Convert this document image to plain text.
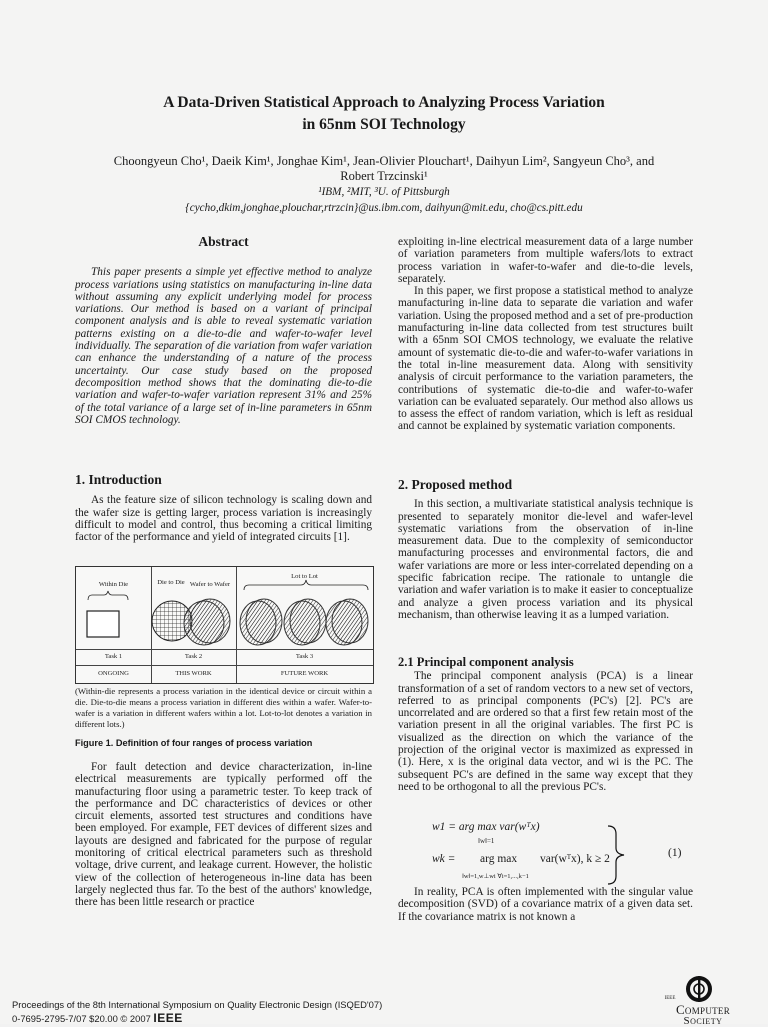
A Data-Driven Statistical Approach to Analyzing Process Variation
in 65nm SOI Technology
Choongyeun Cho¹, Daeik Kim¹, Jonghae Kim¹, Jean-Olivier Plouchart¹, Daihyun Lim², Sangyeun Cho³, and
Robert Trzcinski¹
¹IBM, ²MIT, ³U. of Pittsburgh
{cycho,dkim,jonghae,plouchar,rtrzcin}@us.ibm.com, daihyun@mit.edu, cho@cs.pitt.edu
Abstract

This paper presents a simple yet effective method to analyze process variations using statistics on manufacturing in-line data without assuming any explicit underlying model for process variations. Our method is based on a variant of principal component analysis and is able to reveal systematic variation patterns existing on a die-to-die and wafer-to-wafer level individually. The separation of die variation from wafer variation can enhance the understanding of a nature of the process uncertainty. Our case study based on the proposed decomposition method shows that the dominating die-to-die variation and wafer-to-wafer variation represent 31% and 25% of the total variance of a large set of in-line parameters in 65nm SOI CMOS technology.

1. Introduction

As the feature size of silicon technology is scaling down and the wafer size is getting larger, process variation is increasingly difficult to model and control, thus becoming a critical limiting factor of the performance and yield of integrated circuits [1].

Within Die	Die to Die Wafer to Wafer
Lot to Lot
Task 1	Task 2	Task 3
ONGOING	THIS WORK	FUTURE WORK
(Within-die represents a process variation in the identical device or circuit within a die. Die-to-die means a process variation in different dies within a wafer. Wafer-to-wafer is a variation in different wafers within a lot. Lot-to-lot denotes a variation in different lots.)
Figure 1. Definition of four ranges of process variation

For fault detection and device characterization, in-line electrical measurements are typically performed off the manufacturing floor using a parametric tester. To keep track of the performance and DC characteristics of devices or other circuit elements, assorted test structures and conditions have been employed. For example, FET devices of different sizes and layouts are designed and fabricated for the purpose of regular monitoring of critical electrical parameters such as threshold voltage, drive current, and leakage current. However, the holistic view of the collection of heterogeneous in-line data has been largely neglected thus far. To the best of the authors' knowledge, there has been little research or practice

exploiting in-line electrical measurement data of a large number of variation parameters from multiple wafers/lots to extract process variation in wafer-to-wafer and die-to-die levels, separately.

In this paper, we first propose a statistical method to analyze manufacturing in-line data to separate die variation and wafer variation. Using the proposed method and a set of pre-production manufacturing in-line data collected from test structures built with a 65nm SOI CMOS technology, we evaluate the relative amount of systematic die-to-die and wafer-to-wafer variations in the total in-line measurement data. Along with sensitivity analysis of circuit performance to the variation parameters, the contributions of systematic die-to-die and wafer-to-wafer variation can be evaluated separately. Our method also allows us to assess the effect of random variation, which is left as residual and cannot be explained by systematic variation components.

2. Proposed method

In this section, a multivariate statistical analysis technique is presented to separately monitor die-level and wafer-level systematic variations from the observation of in-line measurement data. Due to the complexity of semiconductor manufacturing processes and environmental factors, die and wafer variations are more or less inter-correlated depending on a specific fabrication recipe. The rationale to untangle die variation and wafer variation is to make it easier to conceptualize and analyze a given process variation and its physical mechanism, than otherwise leaving it as a lumped variation.

2.1 Principal component analysis

The principal component analysis (PCA) is a linear transformation of a set of random vectors to a new set of vectors, referred to as principal components (PC's) [2]. PC's are uncorrelated and are ordered so that a first few retain most of the variation present in all the original variables. The first PC is visualized as the direction on which the variance of the projection of the original vector is maximized as expressed in (1). Here, x is the original data vector, and wi is the PC. The subsequent PC's are defined in the same way except that they need to be orthogonal to all the previous PC's.

w1 = arg max var(wᵀx)
‖w‖=1
wk = arg max var(wᵀx), k ≥ 2
‖w‖=1,w⊥wi ∀i=1,...,k−1
(1)

In reality, PCA is often implemented with the singular value decomposition (SVD) of a covariance matrix of a given data set. If the covariance matrix is not known a

Proceedings of the 8th International Symposium on Quality Electronic Design (ISQED'07)
0-7695-2795-7/07 $20.00 © 2007 IEEE
IEEE
Computer
Society
